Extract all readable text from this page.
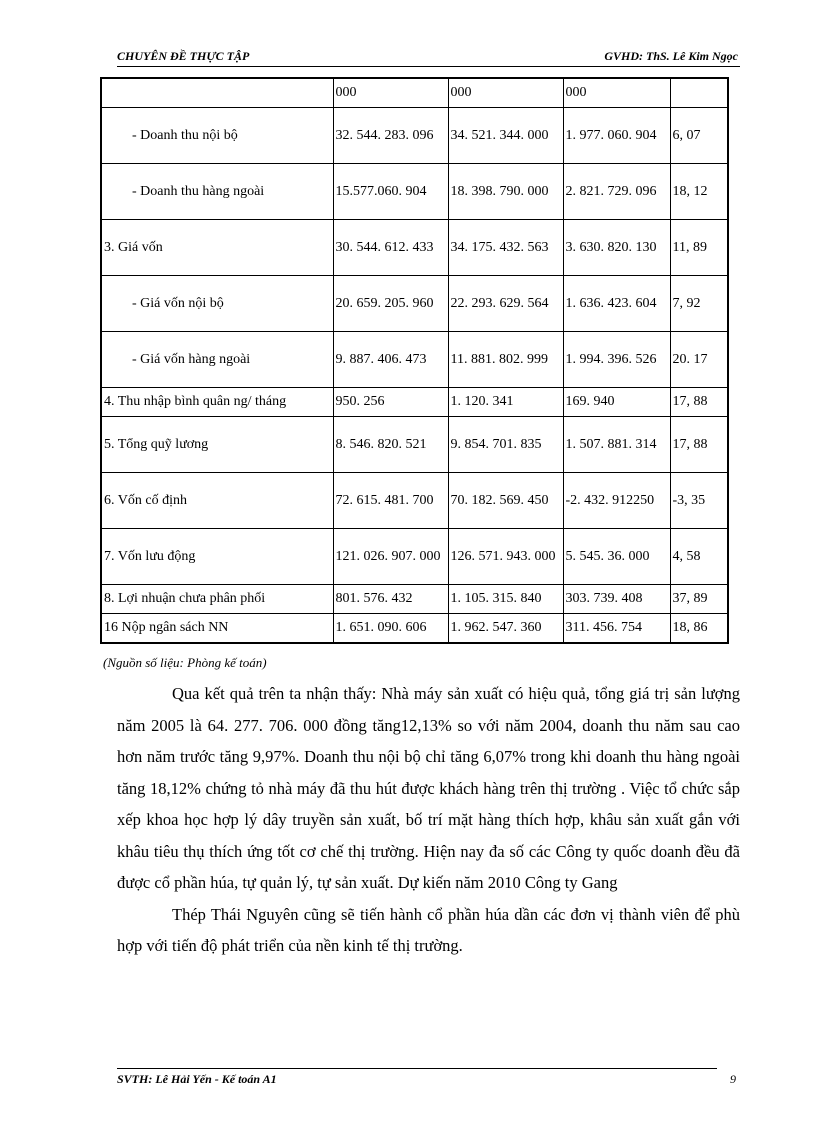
CHUYÊN ĐỀ THỰC TẬP	GVHD: ThS. Lê Kim Ngọc
	000	000	000	
- Doanh thu nội bộ	32. 544. 283. 096	34. 521. 344. 000	1. 977. 060. 904	6, 07
- Doanh thu hàng ngoài	15.577.060. 904	18. 398. 790. 000	2. 821. 729. 096	18, 12
3. Giá vốn	30. 544. 612. 433	34. 175. 432. 563	3. 630. 820. 130	11, 89
- Giá vốn nội bộ	20. 659. 205. 960	22. 293. 629. 564	1. 636. 423. 604	7, 92
- Giá vốn hàng ngoài	9. 887. 406. 473	11. 881. 802. 999	1. 994. 396. 526	20. 17
4. Thu nhập bình quân ng/ tháng	950. 256	1. 120. 341	169. 940	17, 88
5. Tổng quỹ lương	8. 546. 820. 521	9. 854. 701. 835	1. 507. 881. 314	17, 88
6. Vốn cố định	72. 615. 481. 700	70. 182. 569. 450	-2. 432. 912250	-3, 35
7. Vốn lưu động	121. 026. 907. 000	126. 571. 943. 000	5. 545. 36. 000	4, 58
8. Lợi nhuận chưa phân phối	801. 576. 432	1. 105. 315. 840	303. 739. 408	37, 89
16 Nộp ngân sách NN	1. 651. 090. 606	1. 962. 547. 360	311. 456. 754	18, 86
(Nguồn số liệu: Phòng kế toán)

Qua kết quả trên ta nhận thấy: Nhà máy sản xuất có hiệu quả, tổng giá trị sản lượng năm 2005 là 64. 277. 706. 000 đồng tăng12,13% so với năm 2004, doanh thu năm sau cao hơn năm trước tăng 9,97%. Doanh thu nội bộ chỉ tăng 6,07% trong khi doanh thu hàng ngoài tăng 18,12% chứng tỏ nhà máy đã thu hút được khách hàng trên thị trường . Việc tổ chức sắp xếp khoa học hợp lý dây truyền sản xuất, bố trí mặt hàng thích hợp, khâu sản xuất gắn với khâu tiêu thụ thích ứng tốt cơ chế thị trường. Hiện nay đa số các Công ty quốc doanh đều đã được cổ phần húa, tự quản lý, tự sản xuất. Dự kiến năm 2010 Công ty Gang

Thép Thái Nguyên cũng sẽ tiến hành cổ phần húa dần các đơn vị thành viên để phù hợp với tiến độ phát triển của nền kinh tế thị trường.

SVTH: Lê Hải Yến - Kế toán A1	9
